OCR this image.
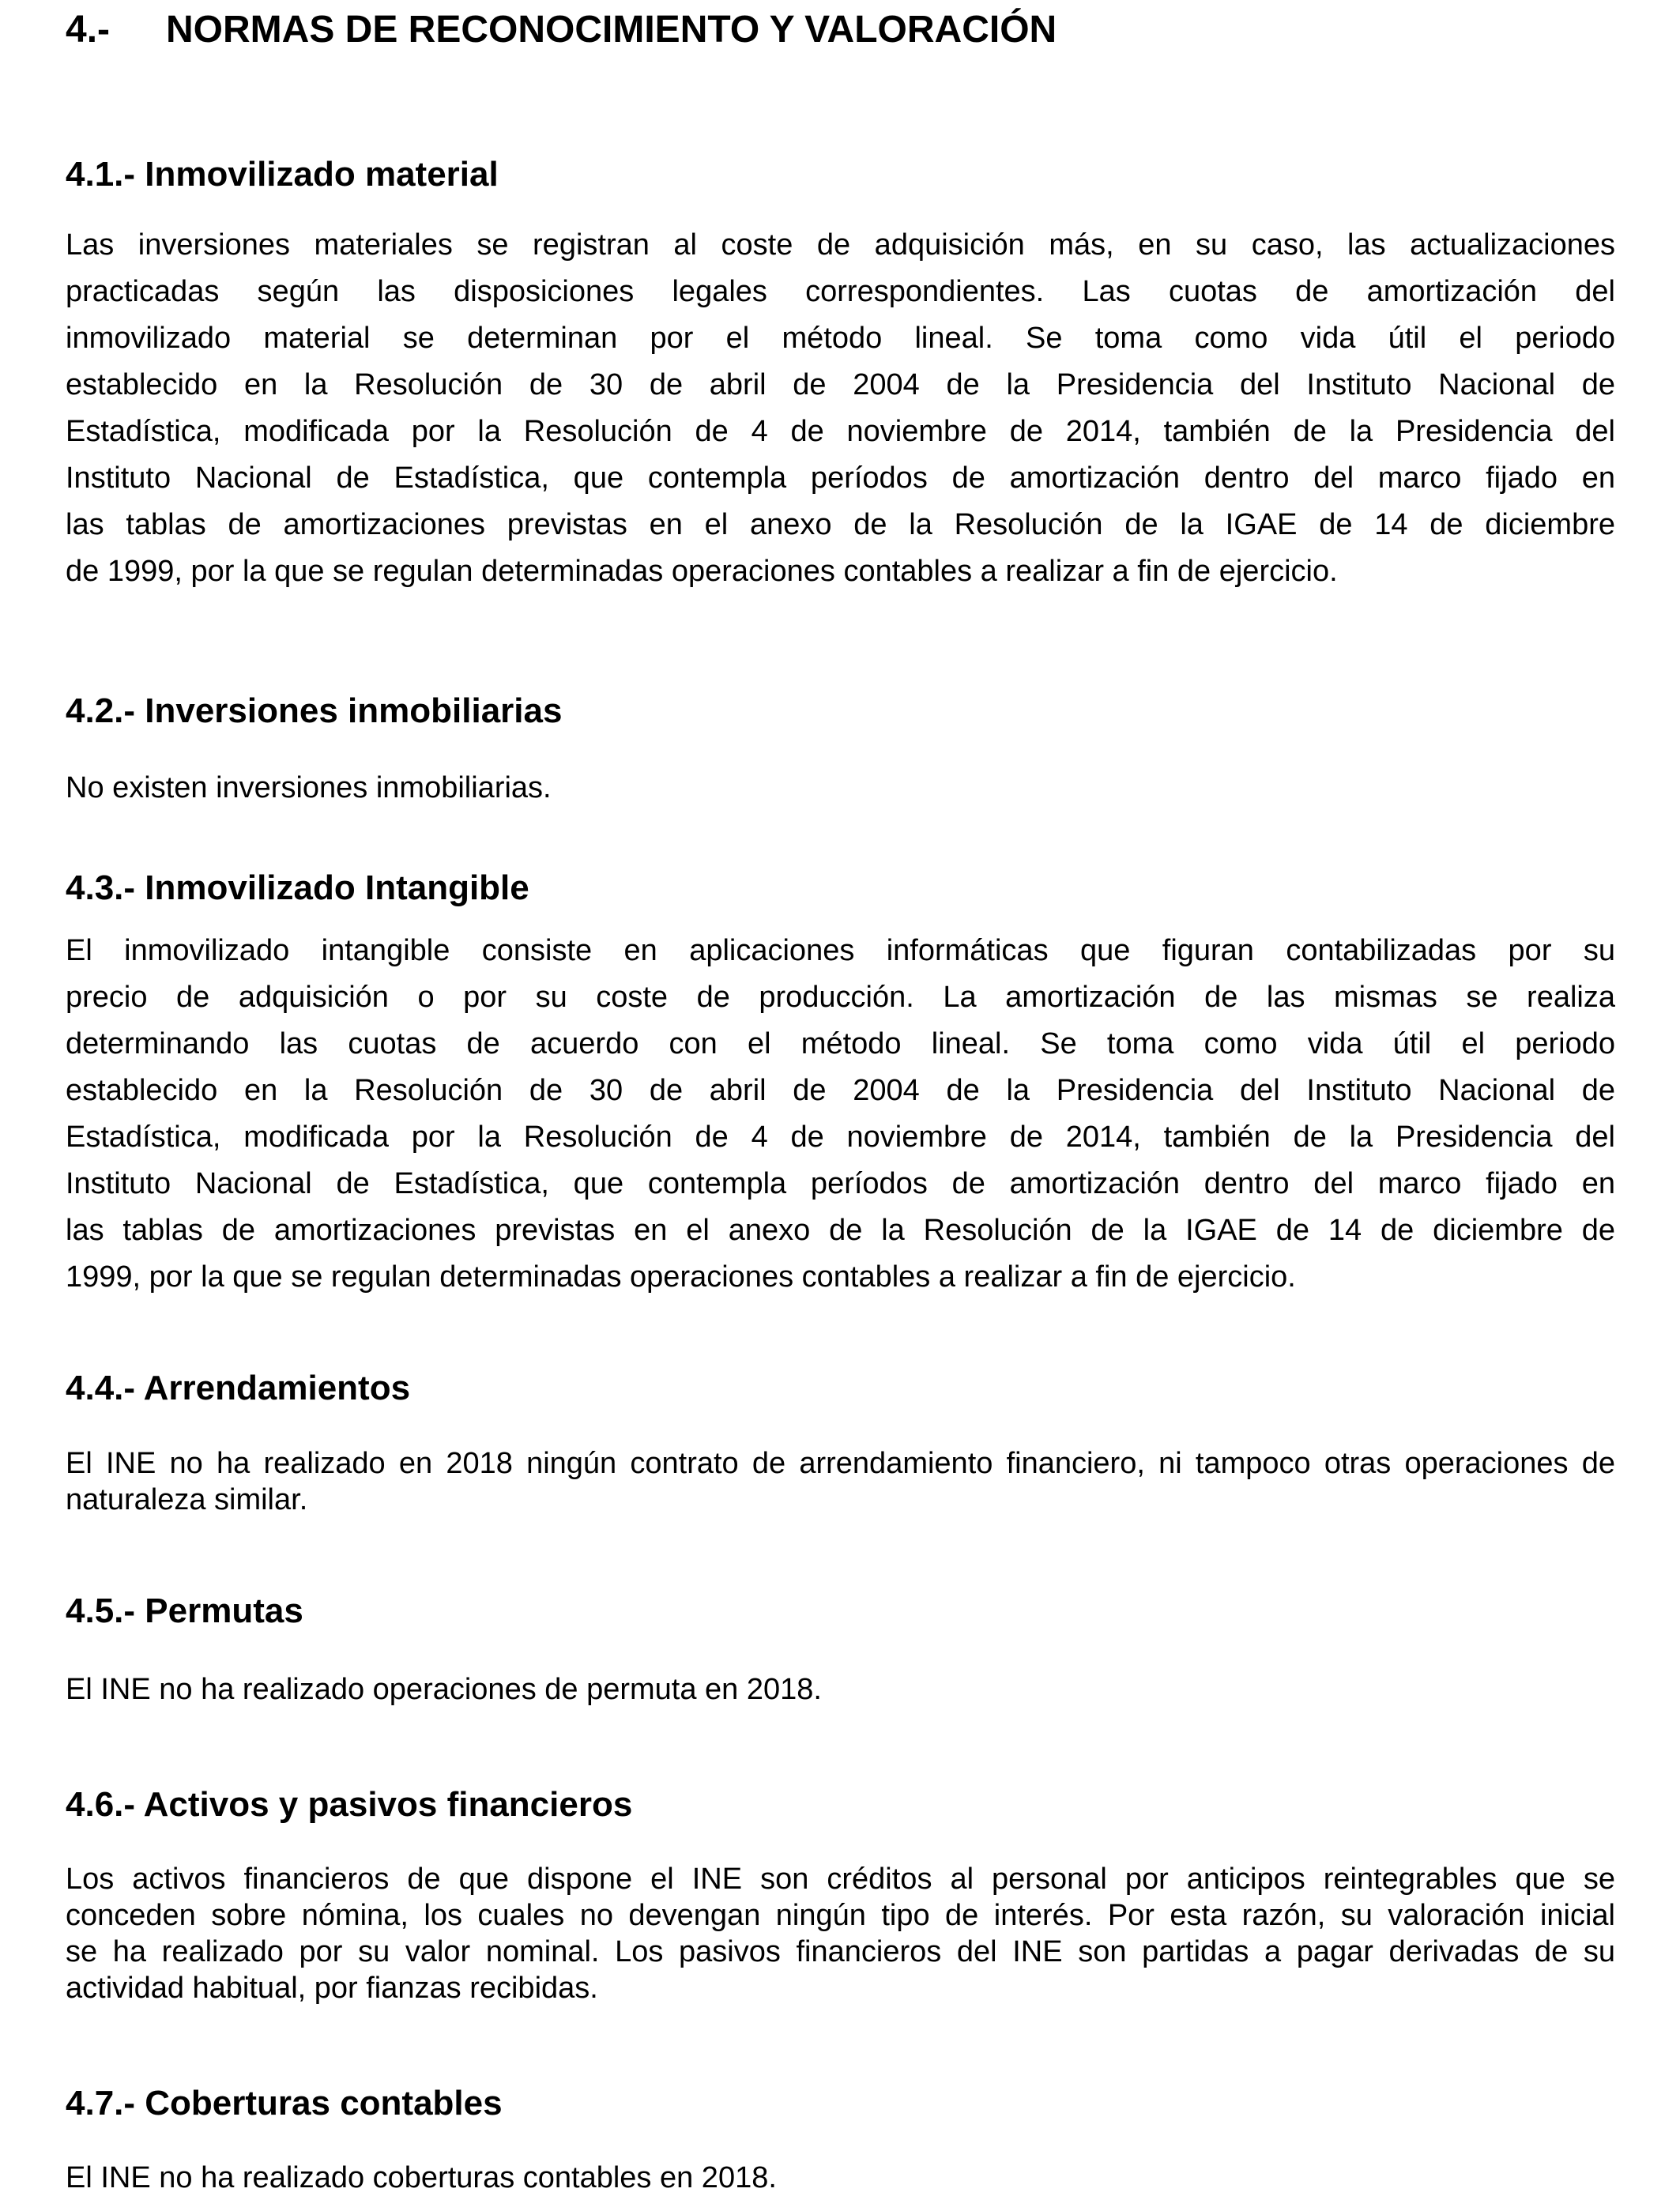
4.- NORMAS DE RECONOCIMIENTO Y VALORACIÓN
4.1.- Inmovilizado material
Las inversiones materiales se registran al coste de adquisición más, en su caso, las actualizaciones
practicadas según las disposiciones legales correspondientes. Las cuotas de amortización del
inmovilizado material se determinan por el método lineal. Se toma como vida útil el periodo
establecido en la Resolución de 30 de abril de 2004 de la Presidencia del Instituto Nacional de
Estadística, modificada por la Resolución de 4 de noviembre de 2014, también de la Presidencia del
Instituto Nacional de Estadística, que contempla períodos de amortización dentro del marco fijado en
las tablas de amortizaciones previstas en el anexo de la Resolución de la IGAE de 14 de diciembre
de 1999, por la que se regulan determinadas operaciones contables a realizar a fin de ejercicio.
4.2.- Inversiones inmobiliarias
No existen inversiones inmobiliarias.
4.3.- Inmovilizado Intangible
El inmovilizado intangible consiste en aplicaciones informáticas que figuran contabilizadas por su
precio de adquisición o por su coste de producción. La amortización de las mismas se realiza
determinando las cuotas de acuerdo con el método lineal. Se toma como vida útil el periodo
establecido en la Resolución de 30 de abril de 2004 de la Presidencia del Instituto Nacional de
Estadística, modificada por la Resolución de 4 de noviembre de 2014, también de la Presidencia del
Instituto Nacional de Estadística, que contempla períodos de amortización dentro del marco fijado en
las tablas de amortizaciones previstas en el anexo de la Resolución de la IGAE de 14 de diciembre de
1999, por la que se regulan determinadas operaciones contables a realizar a fin de ejercicio.
4.4.- Arrendamientos
El INE no ha realizado en 2018 ningún contrato de arrendamiento financiero, ni tampoco otras operaciones de
naturaleza similar.
4.5.- Permutas
El INE no ha realizado operaciones de permuta en 2018.
4.6.- Activos y pasivos financieros
Los activos financieros de que dispone el INE son créditos al personal por anticipos reintegrables que se
conceden sobre nómina, los cuales no devengan ningún tipo de interés. Por esta razón, su valoración inicial
se ha realizado por su valor nominal. Los pasivos financieros del INE son partidas a pagar derivadas de su
actividad habitual, por fianzas recibidas.
4.7.- Coberturas contables
El INE no ha realizado coberturas contables en 2018.
